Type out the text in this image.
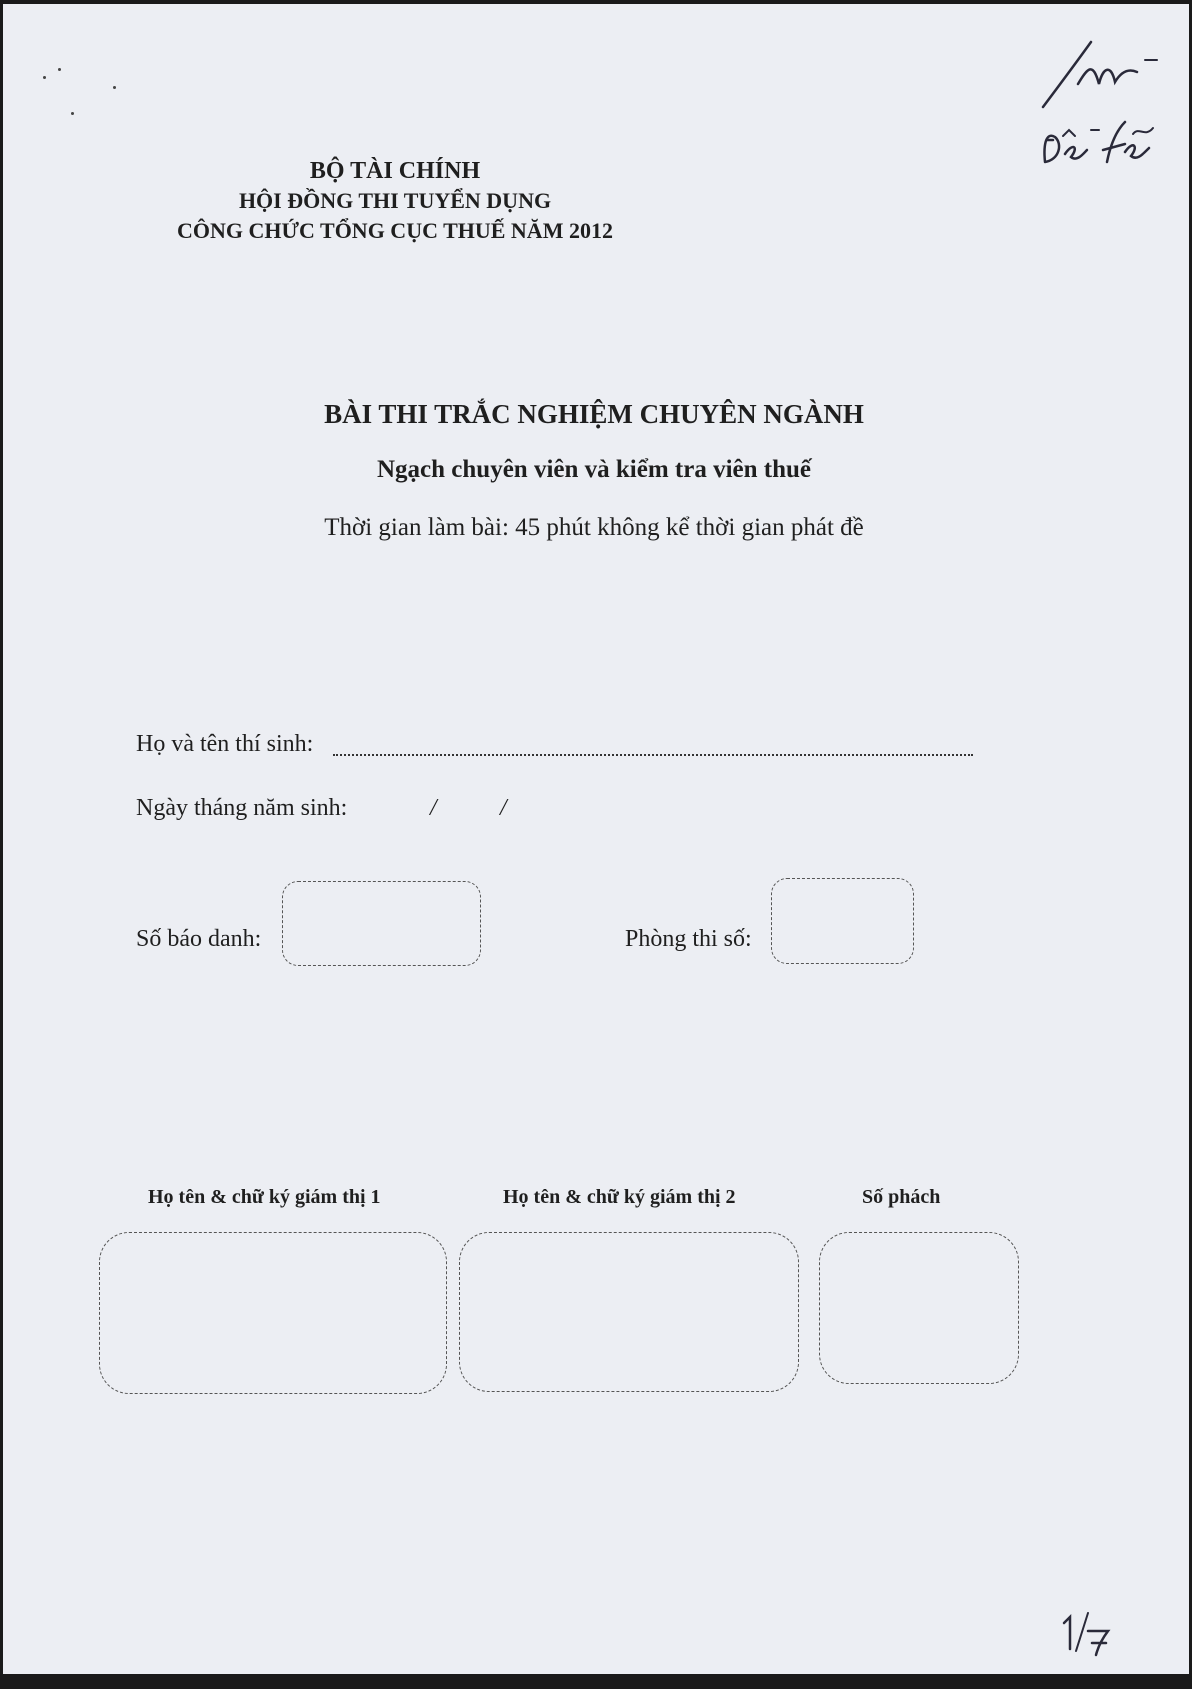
BỘ TÀI CHÍNH
HỘI ĐỒNG THI TUYỂN DỤNG
CÔNG CHỨC TỔNG CỤC THUẾ NĂM 2012
BÀI THI TRẮC NGHIỆM CHUYÊN NGÀNH
Ngạch chuyên viên và kiểm tra viên thuế
Thời gian làm bài: 45 phút không kể thời gian phát đề
Họ và tên thí sinh:
Ngày tháng năm sinh:	/	/
Số báo danh:	Phòng thi số:
Họ tên & chữ ký giám thị 1	Họ tên & chữ ký giám thị 2	Số phách
